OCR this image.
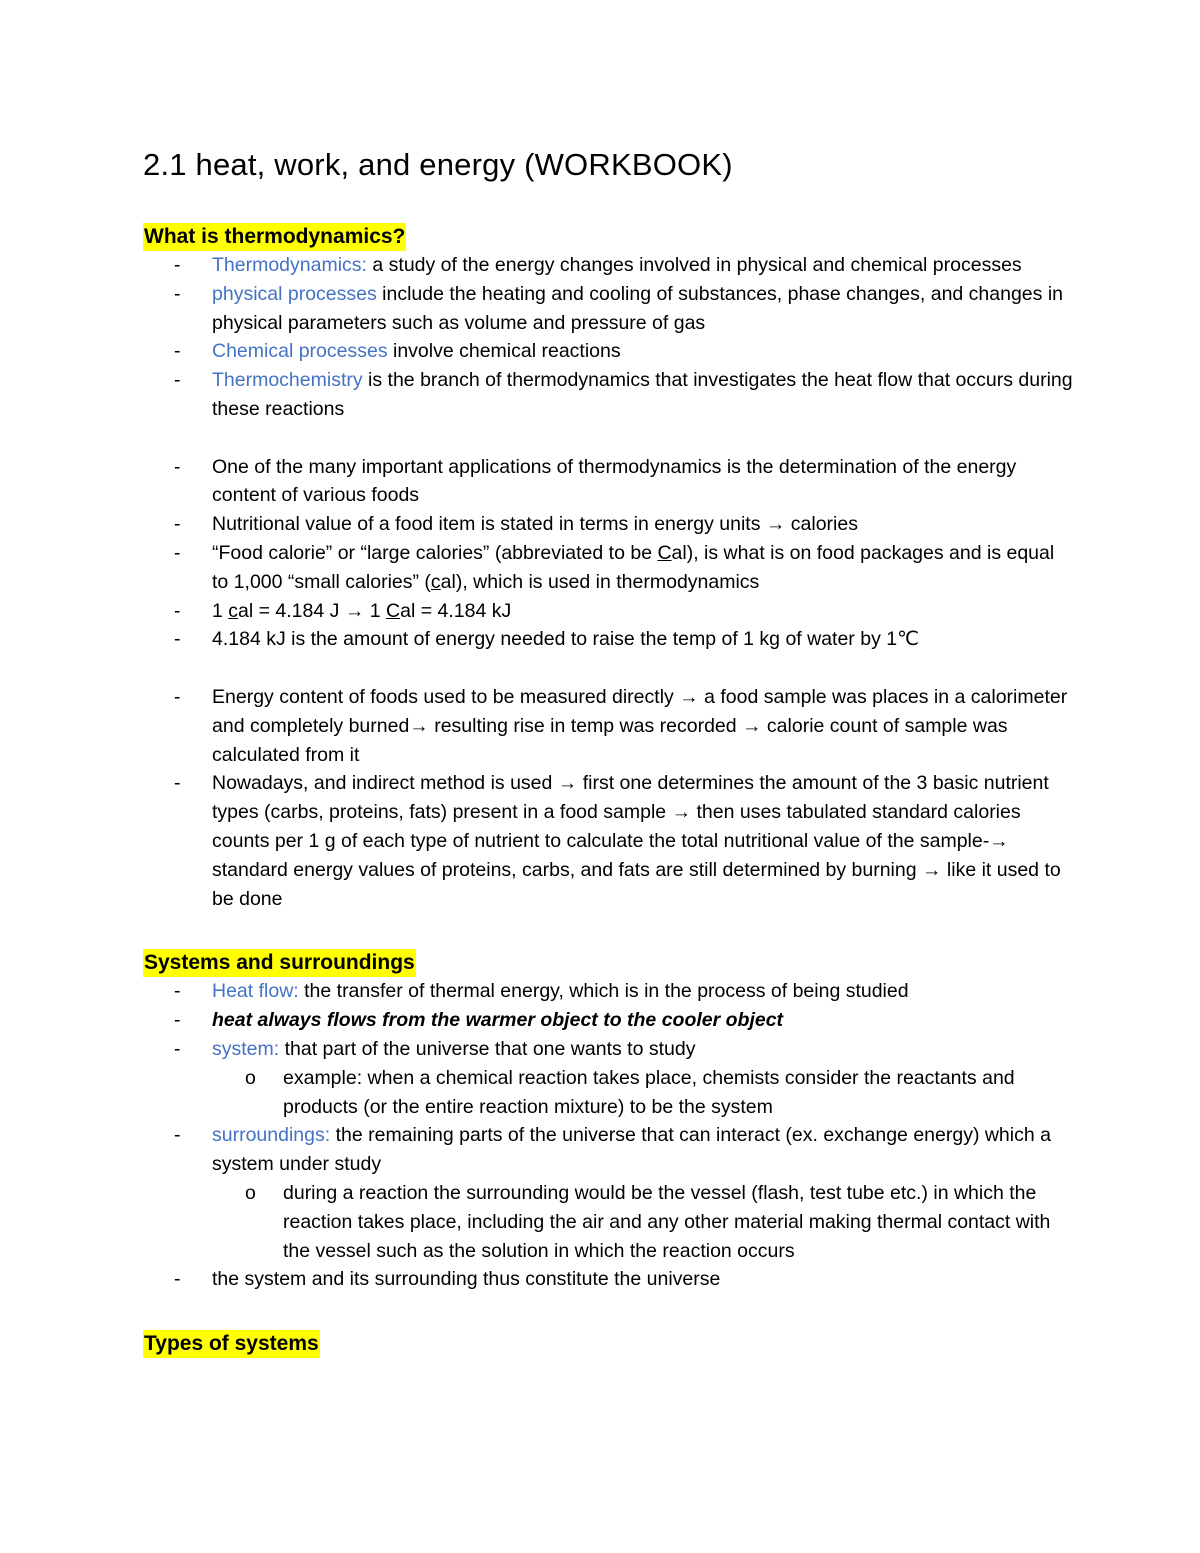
2.1 heat, work, and energy (WORKBOOK)
What is thermodynamics?
- Thermodynamics: a study of the energy changes involved in physical and chemical processes
- physical processes include the heating and cooling of substances, phase changes, and changes in physical parameters such as volume and pressure of gas
- Chemical processes involve chemical reactions
- Thermochemistry is the branch of thermodynamics that investigates the heat flow that occurs during these reactions
- One of the many important applications of thermodynamics is the determination of the energy content of various foods
- Nutritional value of a food item is stated in terms in energy units → calories
- “Food calorie” or “large calories” (abbreviated to be Cal), is what is on food packages and is equal to 1,000 “small calories” (cal), which is used in thermodynamics
- 1 cal = 4.184 J → 1 Cal = 4.184 kJ
- 4.184 kJ is the amount of energy needed to raise the temp of 1 kg of water by 1℃
- Energy content of foods used to be measured directly → a food sample was places in a calorimeter and completely burned→ resulting rise in temp was recorded → calorie count of sample was calculated from it
- Nowadays, and indirect method is used → first one determines the amount of the 3 basic nutrient types (carbs, proteins, fats) present in a food sample → then uses tabulated standard calories counts per 1 g of each type of nutrient to calculate the total nutritional value of the sample-→ standard energy values of proteins, carbs, and fats are still determined by burning → like it used to be done
Systems and surroundings
- Heat flow: the transfer of thermal energy, which is in the process of being studied
- heat always flows from the warmer object to the cooler object
- system: that part of the universe that one wants to study
o example: when a chemical reaction takes place, chemists consider the reactants and products (or the entire reaction mixture) to be the system
- surroundings: the remaining parts of the universe that can interact (ex. exchange energy) which a system under study
o during a reaction the surrounding would be the vessel (flash, test tube etc.) in which the reaction takes place, including the air and any other material making thermal contact with the vessel such as the solution in which the reaction occurs
- the system and its surrounding thus constitute the universe
Types of systems
